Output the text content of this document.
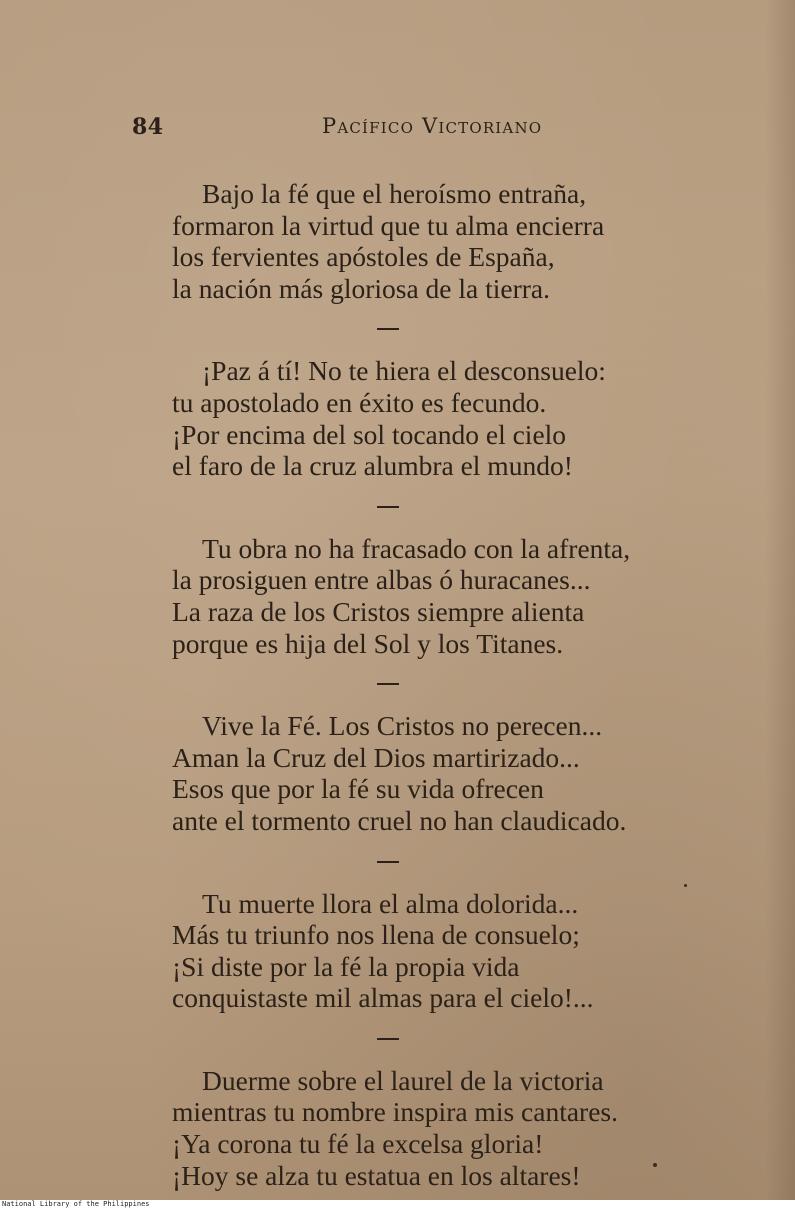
84	Pacífico Victoriano
Bajo la fé que el heroísmo entraña,
formaron la virtud que tu alma encierra
los fervientes apóstoles de España,
la nación más gloriosa de la tierra.
¡Paz á tí! No te hiera el desconsuelo:
tu apostolado en éxito es fecundo.
¡Por encima del sol tocando el cielo
el faro de la cruz alumbra el mundo!
Tu obra no ha fracasado con la afrenta,
la prosiguen entre albas ó huracanes...
La raza de los Cristos siempre alienta
porque es hija del Sol y los Titanes.
Vive la Fé. Los Cristos no perecen...
Aman la Cruz del Dios martirizado...
Esos que por la fé su vida ofrecen
ante el tormento cruel no han claudicado.
Tu muerte llora el alma dolorida...
Más tu triunfo nos llena de consuelo;
¡Si diste por la fé la propia vida
conquistaste mil almas para el cielo!...
Duerme sobre el laurel de la victoria
mientras tu nombre inspira mis cantares.
¡Ya corona tu fé la excelsa gloria!
¡Hoy se alza tu estatua en los altares!
National Library of the Philippines
